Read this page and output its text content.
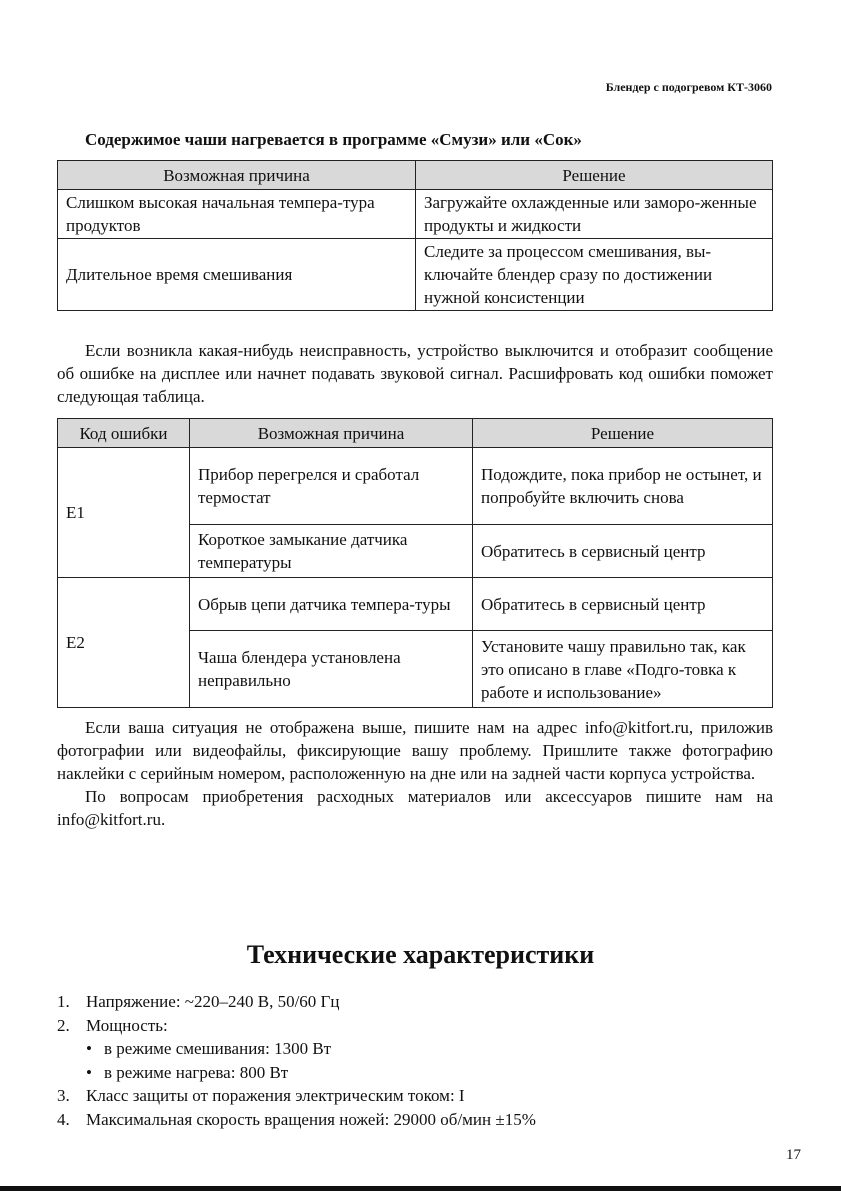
Блендер с подогревом КТ-3060
Содержимое чаши нагревается в программе «Смузи» или «Сок»
Возможная причина	Решение
Слишком высокая начальная темпера-тура продуктов	Загружайте охлажденные или заморо-женные продукты и жидкости
Длительное время смешивания	Следите за процессом смешивания, вы-ключайте блендер сразу по достижении нужной консистенции

Если возникла какая-нибудь неисправность, устройство выключится и отобразит сообщение об ошибке на дисплее или начнет подавать звуковой сигнал. Расшифровать код ошибки поможет следующая таблица.

Код ошибки	Возможная причина	Решение
E1	Прибор перегрелся и сработал термостат	Подождите, пока прибор не остынет, и попробуйте включить снова
	Короткое замыкание датчика температуры	Обратитесь в сервисный центр
E2	Обрыв цепи датчика темпера-туры	Обратитесь в сервисный центр
	Чаша блендера установлена неправильно	Установите чашу правильно так, как это описано в главе «Подго-товка к работе и использование»

Если ваша ситуация не отображена выше, пишите нам на адрес info@kitfort.ru, приложив фотографии или видеофайлы, фиксирующие вашу проблему. Пришлите также фотографию наклейки с серийным номером, расположенную на дне или на задней части корпуса устройства.

По вопросам приобретения расходных материалов или аксессуаров пишите нам на info@kitfort.ru.

Технические характеристики
1. Напряжение: ~220–240 В, 50/60 Гц
2. Мощность:
• в режиме смешивания: 1300 Вт
• в режиме нагрева: 800 Вт
3. Класс защиты от поражения электрическим током: I
4. Максимальная скорость вращения ножей: 29000 об/мин ±15%
17
